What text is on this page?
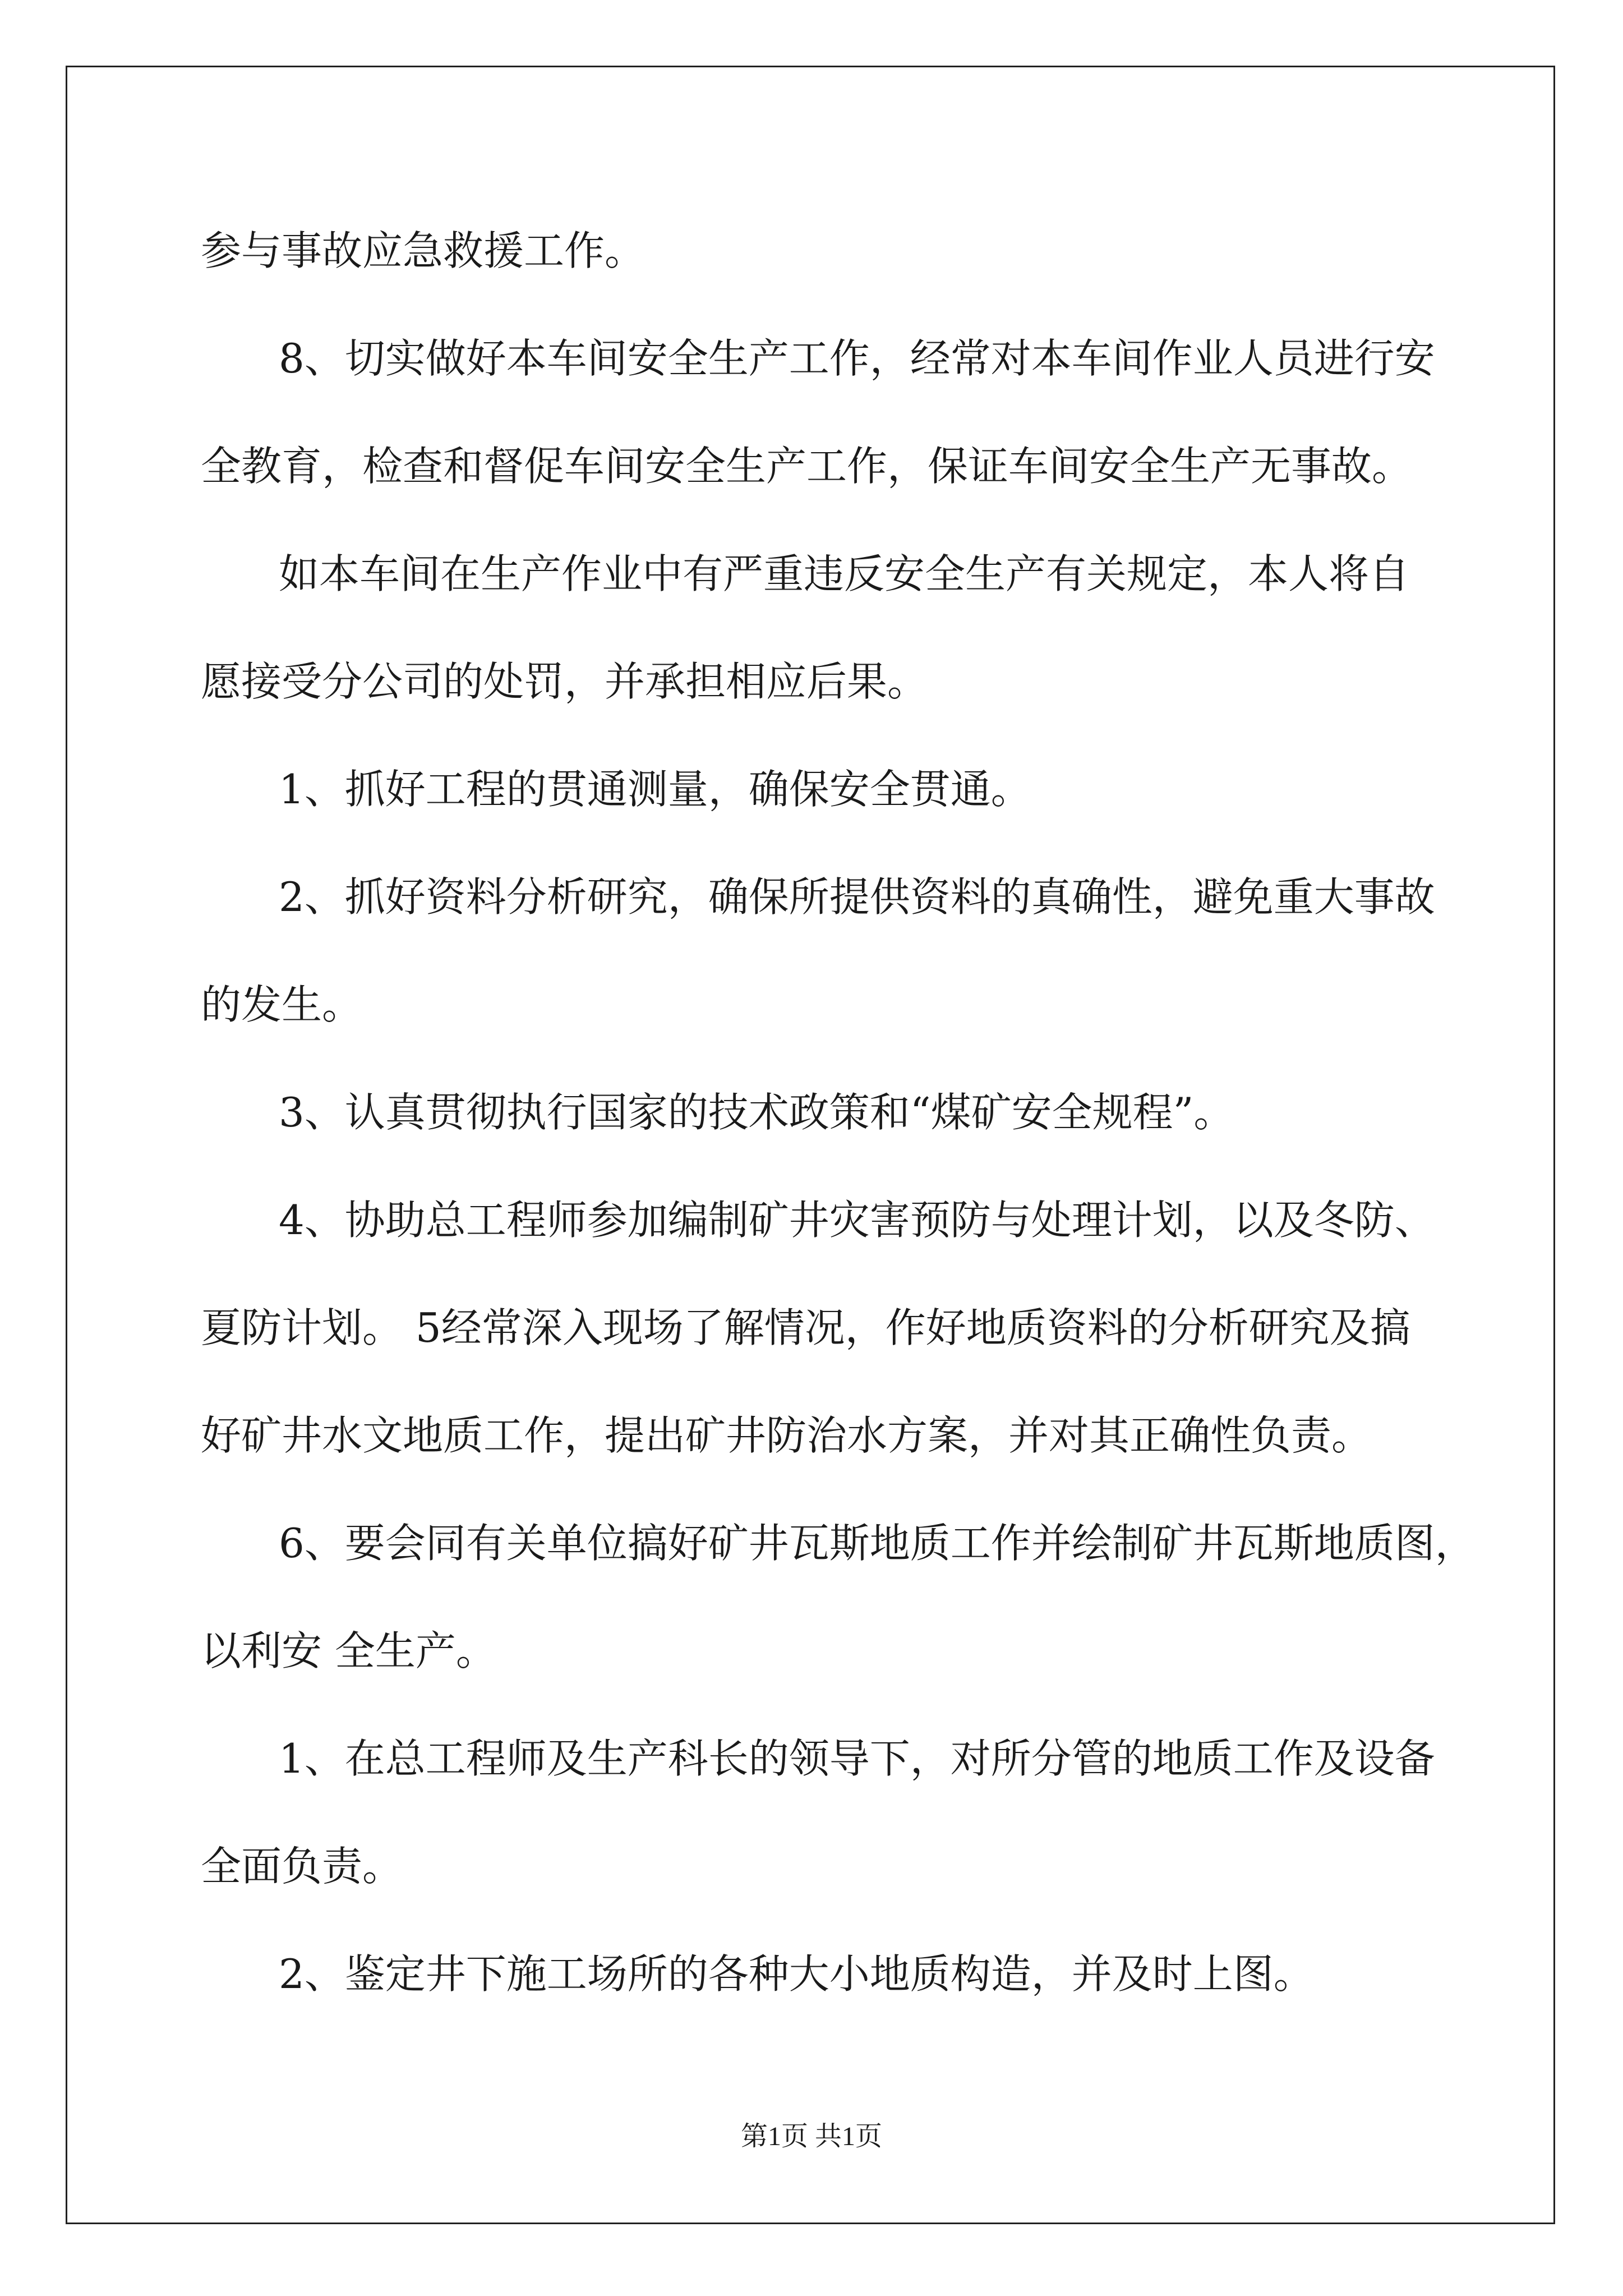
参与事故应急救援工作。

8、切实做好本车间安全生产工作，经常对本车间作业人员进行安

全教育，检查和督促车间安全生产工作，保证车间安全生产无事故。

如本车间在生产作业中有严重违反安全生产有关规定，本人将自

愿接受分公司的处罚，并承担相应后果。

1、抓好工程的贯通测量，确保安全贯通。

2、抓好资料分析研究，确保所提供资料的真确性，避免重大事故

的发生。

3、认真贯彻执行国家的技术政策和“煤矿安全规程”。

4、协助总工程师参加编制矿井灾害预防与处理计划，以及冬防、

夏防计划。 5经常深入现场了解情况，作好地质资料的分析研究及搞

好矿井水文地质工作，提出矿井防治水方案，并对其正确性负责。

6、要会同有关单位搞好矿井瓦斯地质工作并绘制矿井瓦斯地质图，

以利安 全生产。

1、在总工程师及生产科长的领导下，对所分管的地质工作及设备

全面负责。

2、鉴定井下施工场所的各种大小地质构造，并及时上图。

第1页 共1页
